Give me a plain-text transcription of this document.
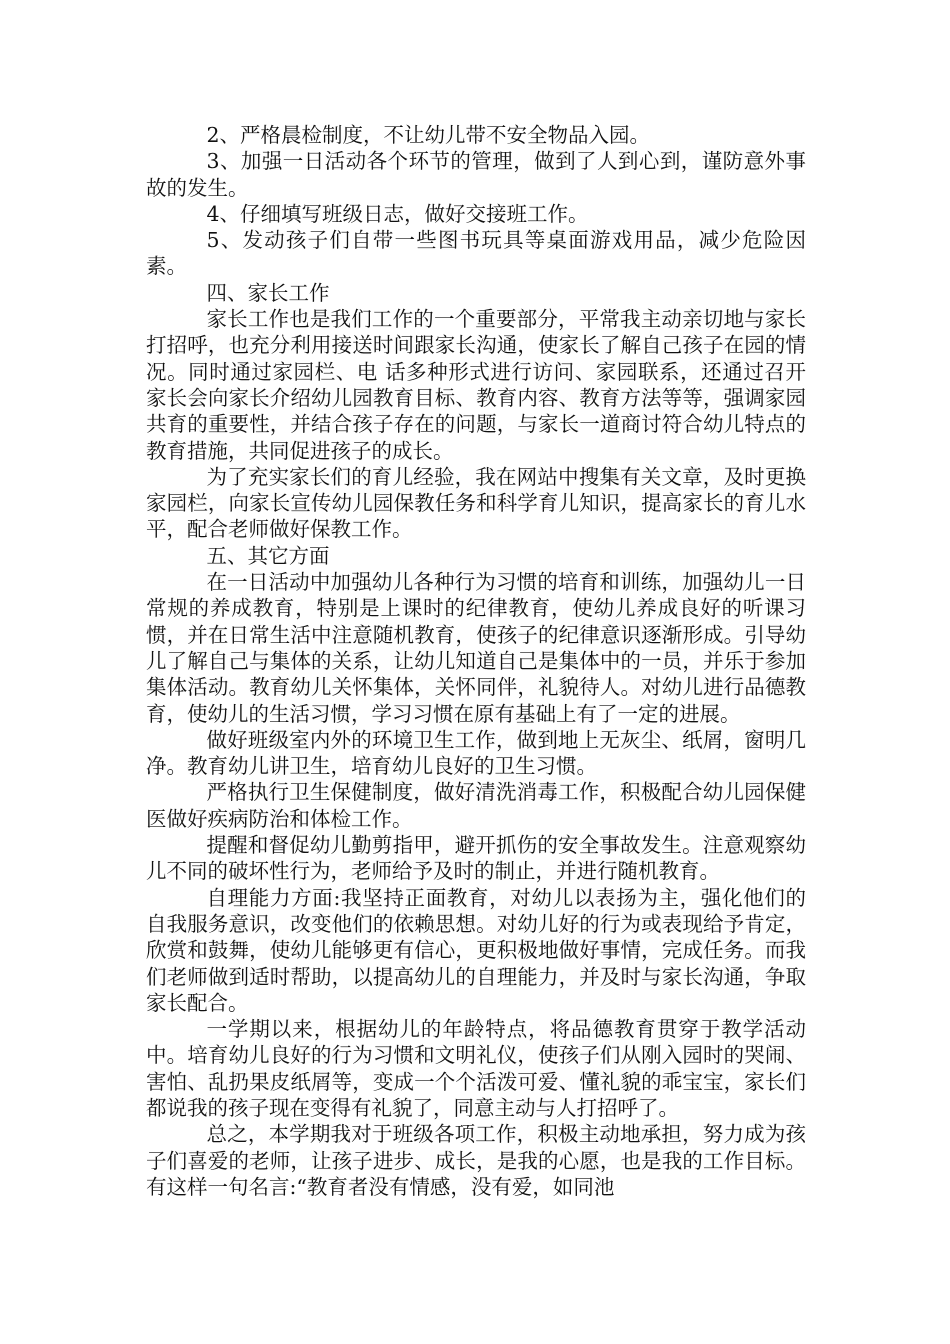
2、严格晨检制度，不让幼儿带不安全物品入园。

3、加强一日活动各个环节的管理，做到了人到心到，谨防意外事故的发生。

4、仔细填写班级日志，做好交接班工作。

5、发动孩子们自带一些图书玩具等桌面游戏用品，减少危险因素。

四、家长工作

家长工作也是我们工作的一个重要部分，平常我主动亲切地与家长打招呼，也充分利用接送时间跟家长沟通，使家长了解自己孩子在园的情况。同时通过家园栏、电 话多种形式进行访问、家园联系，还通过召开家长会向家长介绍幼儿园教育目标、教育内容、教育方法等等，强调家园共育的重要性，并结合孩子存在的问题，与家长一道商讨符合幼儿特点的教育措施，共同促进孩子的成长。

为了充实家长们的育儿经验，我在网站中搜集有关文章，及时更换家园栏，向家长宣传幼儿园保教任务和科学育儿知识，提高家长的育儿水平，配合老师做好保教工作。

五、其它方面

在一日活动中加强幼儿各种行为习惯的培育和训练，加强幼儿一日常规的养成教育，特别是上课时的纪律教育，使幼儿养成良好的听课习惯，并在日常生活中注意随机教育，使孩子的纪律意识逐渐形成。引导幼儿了解自己与集体的关系，让幼儿知道自己是集体中的一员，并乐于参加集体活动。教育幼儿关怀集体，关怀同伴，礼貌待人。对幼儿进行品德教育，使幼儿的生活习惯，学习习惯在原有基础上有了一定的进展。

做好班级室内外的环境卫生工作，做到地上无灰尘、纸屑，窗明几净。教育幼儿讲卫生，培育幼儿良好的卫生习惯。

严格执行卫生保健制度，做好清洗消毒工作，积极配合幼儿园保健医做好疾病防治和体检工作。

提醒和督促幼儿勤剪指甲，避开抓伤的安全事故发生。注意观察幼儿不同的破坏性行为，老师给予及时的制止，并进行随机教育。

自理能力方面:我坚持正面教育，对幼儿以表扬为主，强化他们的自我服务意识，改变他们的依赖思想。对幼儿好的行为或表现给予肯定，欣赏和鼓舞，使幼儿能够更有信心，更积极地做好事情，完成任务。而我们老师做到适时帮助，以提高幼儿的自理能力，并及时与家长沟通，争取家长配合。

一学期以来，根据幼儿的年龄特点，将品德教育贯穿于教学活动中。培育幼儿良好的行为习惯和文明礼仪，使孩子们从刚入园时的哭闹、害怕、乱扔果皮纸屑等，变成一个个活泼可爱、懂礼貌的乖宝宝，家长们都说我的孩子现在变得有礼貌了，同意主动与人打招呼了。

总之，本学期我对于班级各项工作，积极主动地承担，努力成为孩子们喜爱的老师，让孩子进步、成长，是我的心愿，也是我的工作目标。有这样一句名言:“教育者没有情感，没有爱，如同池
